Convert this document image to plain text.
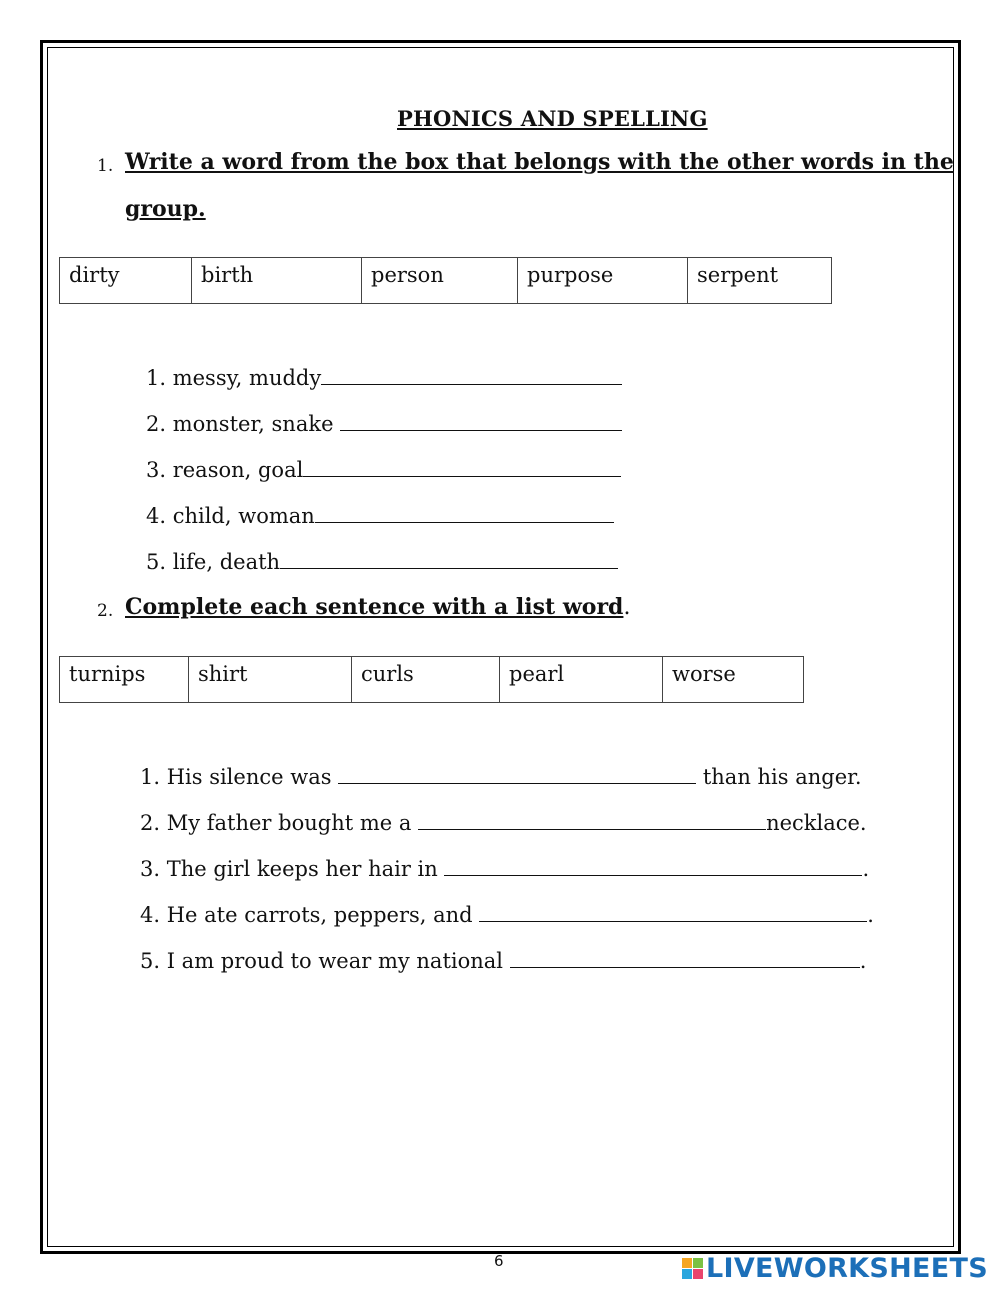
PHONICS AND SPELLING
1. Write a word from the box that belongs with the other words in the
group.
dirty	birth	person	purpose	serpent
1. messy, muddy
2. monster, snake
3. reason, goal
4. child, woman
5. life, death
2. Complete each sentence with a list word.
turnips	shirt	curls	pearl	worse
1. His silence was	than his anger.
2. My father bought me a	necklace.
3. The girl keeps her hair in	.
4. He ate carrots, peppers, and	.
5. I am proud to wear my national	.
6	LIVEWORKSHEETS
